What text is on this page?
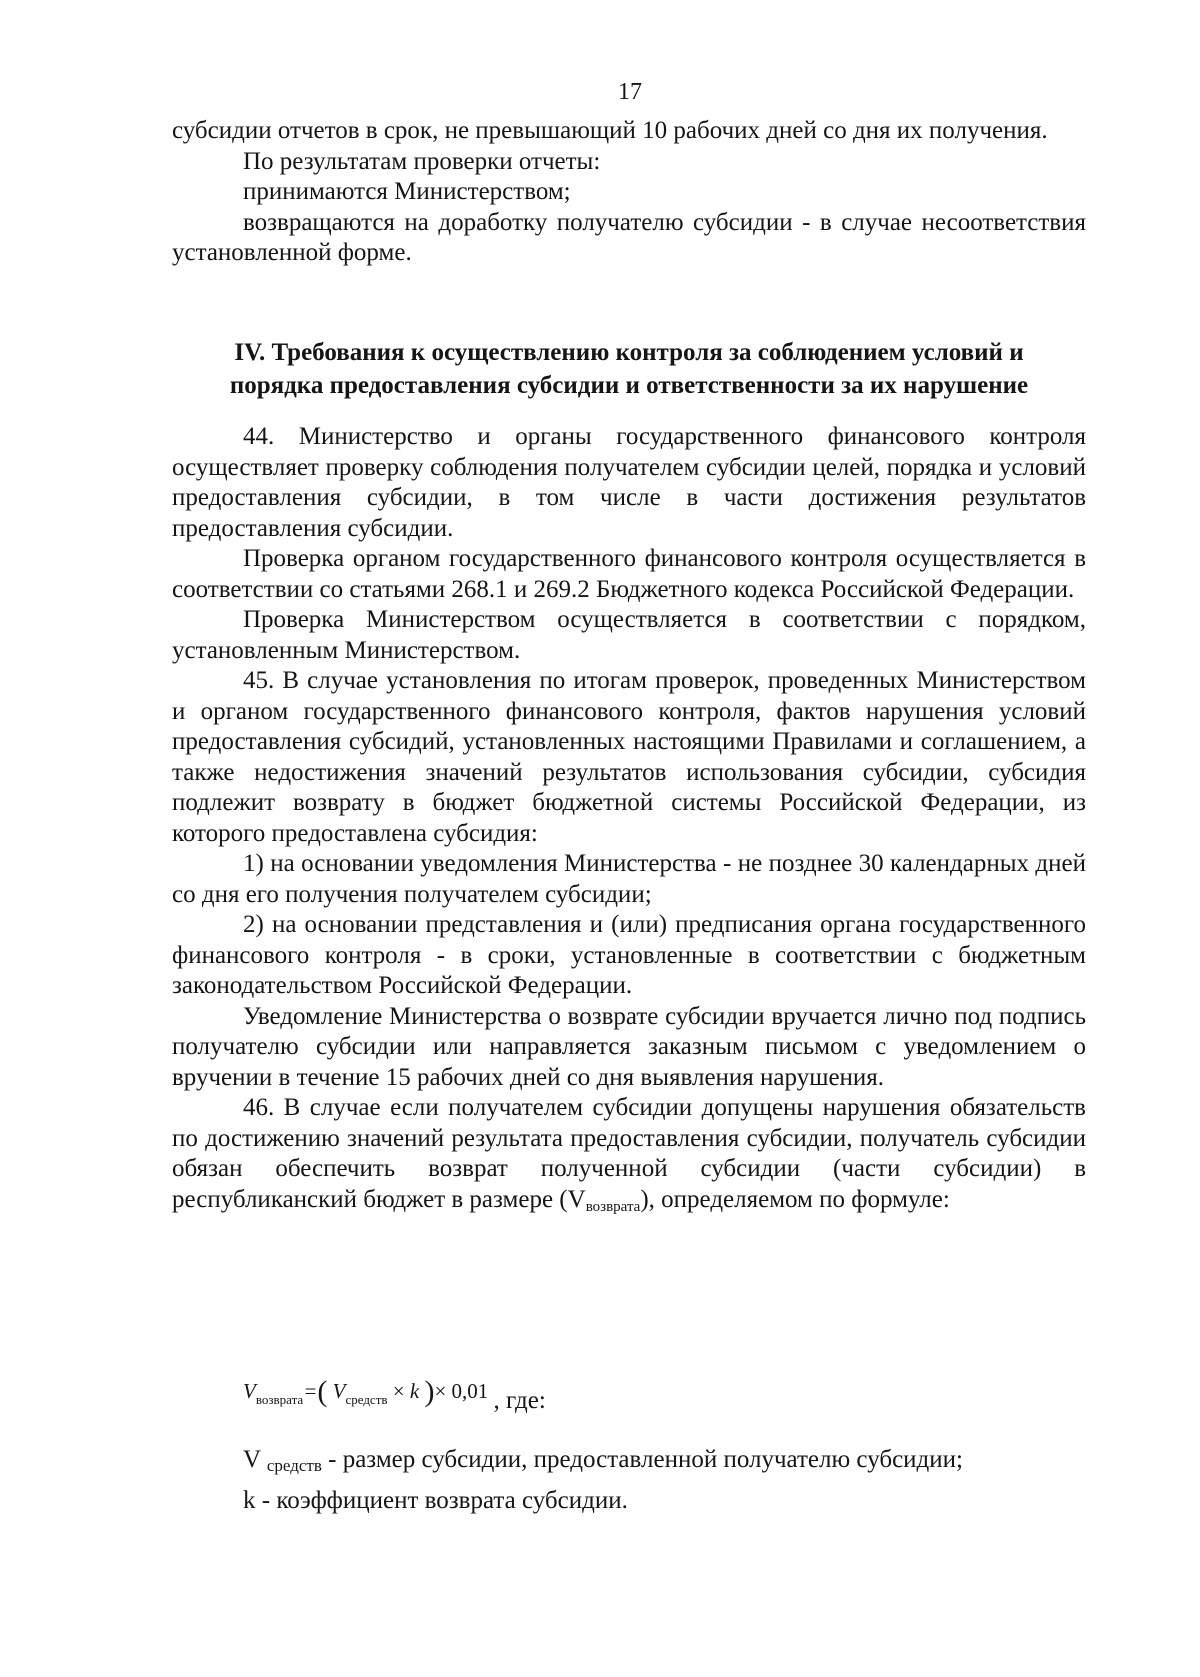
17

субсидии отчетов в срок, не превышающий 10 рабочих дней со дня их получения.

По результатам проверки отчеты:

принимаются Министерством;

возвращаются на доработку получателю субсидии - в случае несоответствия установленной форме.

IV. Требования к осуществлению контроля за соблюдением условий и

порядка предоставления субсидии и ответственности за их нарушение

44. Министерство и органы государственного финансового контроля осуществляет проверку соблюдения получателем субсидии целей, порядка и условий предоставления субсидии, в том числе в части достижения результатов предоставления субсидии.

Проверка органом государственного финансового контроля осуществляется в соответствии со статьями 268.1 и 269.2 Бюджетного кодекса Российской Федерации.

Проверка Министерством осуществляется в соответствии с порядком, установленным Министерством.

45. В случае установления по итогам проверок, проведенных Министерством и органом государственного финансового контроля, фактов нарушения условий предоставления субсидий, установленных настоящими Правилами и соглашением, а также недостижения значений результатов использования субсидии, субсидия подлежит возврату в бюджет бюджетной системы Российской Федерации, из которого предоставлена субсидия:

1) на основании уведомления Министерства - не позднее 30 календарных дней со дня его получения получателем субсидии;

2) на основании представления и (или) предписания органа государственного финансового контроля - в сроки, установленные в соответствии с бюджетным законодательством Российской Федерации.

Уведомление Министерства о возврате субсидии вручается лично под подпись получателю субсидии или направляется заказным письмом с уведомлением о вручении в течение 15 рабочих дней со дня выявления нарушения.

46. В случае если получателем субсидии допущены нарушения обязательств по достижению значений результата предоставления субсидии, получатель субсидии обязан обеспечить возврат полученной субсидии (части субсидии) в республиканский бюджет в размере (Vвозврата), определяемом по формуле:

$V_{возврата}=$( $V_{средств} \times k$ )× 0,01 , где:

V $_{средств}$ - размер субсидии, предоставленной получателю субсидии;

k - коэффициент возврата субсидии.
